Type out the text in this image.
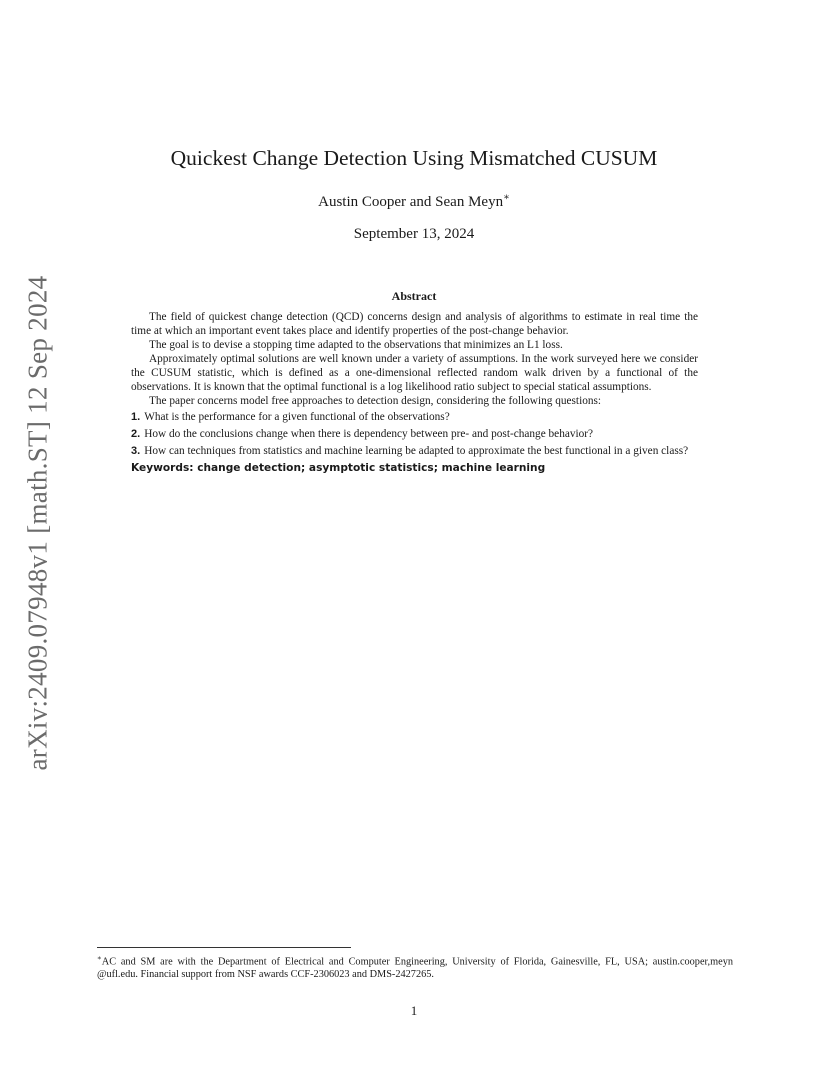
arXiv:2409.07948v1 [math.ST] 12 Sep 2024
Quickest Change Detection Using Mismatched CUSUM
Austin Cooper and Sean Meyn∗
September 13, 2024
Abstract

The field of quickest change detection (QCD) concerns design and analysis of algorithms to estimate in real time the time at which an important event takes place and identify properties of the post-change behavior.

The goal is to devise a stopping time adapted to the observations that minimizes an L1 loss.

Approximately optimal solutions are well known under a variety of assumptions. In the work surveyed here we consider the CUSUM statistic, which is defined as a one-dimensional reflected random walk driven by a functional of the observations. It is known that the optimal functional is a log likelihood ratio subject to special statical assumptions.

The paper concerns model free approaches to detection design, considering the following questions:

1. What is the performance for a given functional of the observations?
2. How do the conclusions change when there is dependency between pre- and post-change behavior?
3. How can techniques from statistics and machine learning be adapted to approximate the best functional in a given class?
Keywords: change detection; asymptotic statistics; machine learning
∗AC and SM are with the Department of Electrical and Computer Engineering, University of Florida, Gainesville, FL, USA; austin.cooper,meyn @ufl.edu. Financial support from NSF awards CCF-2306023 and DMS-2427265.
1
